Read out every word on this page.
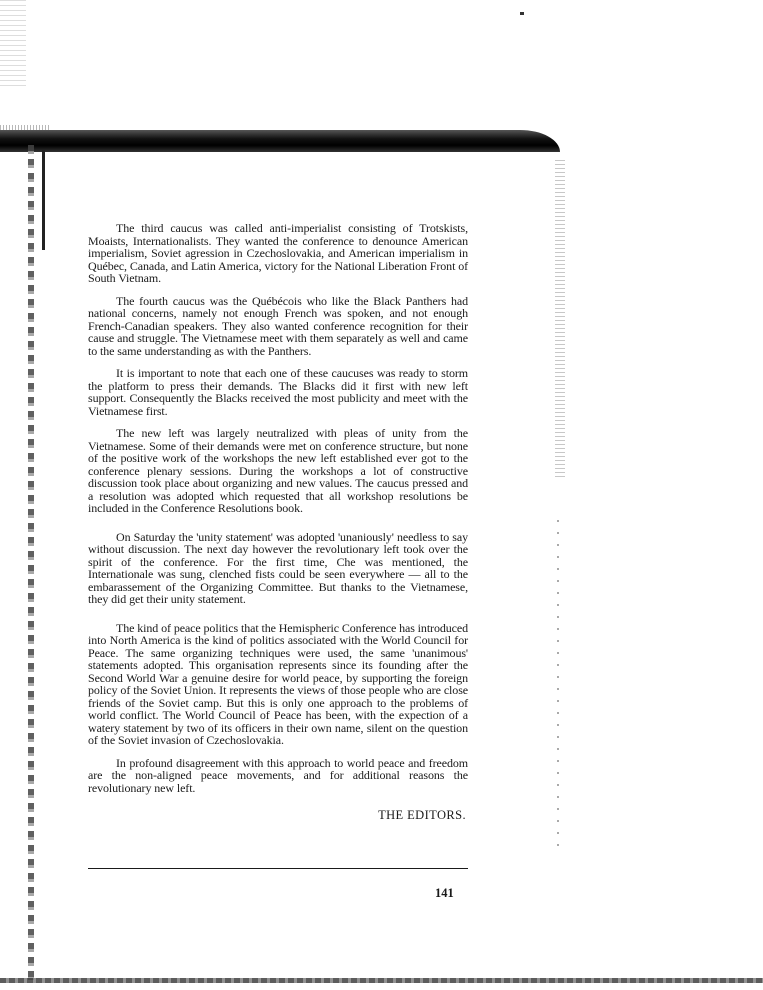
The third caucus was called anti-imperialist consisting of Trotskists, Moaists, Internationalists. They wanted the conference to denounce American imperialism, Soviet agression in Czechoslovakia, and American imperialism in Québec, Canada, and Latin America, victory for the National Liberation Front of South Vietnam.

The fourth caucus was the Québécois who like the Black Panthers had national concerns, namely not enough French was spoken, and not enough French-Canadian speakers. They also wanted conference recognition for their cause and struggle. The Vietnamese meet with them separately as well and came to the same understanding as with the Panthers.

It is important to note that each one of these caucuses was ready to storm the platform to press their demands. The Blacks did it first with new left support. Consequently the Blacks received the most publicity and meet with the Vietnamese first.

The new left was largely neutralized with pleas of unity from the Vietnamese. Some of their demands were met on conference structure, but none of the positive work of the workshops the new left established ever got to the conference plenary sessions. During the workshops a lot of constructive discussion took place about organizing and new values. The caucus pressed and a resolution was adopted which requested that all workshop resolutions be included in the Conference Resolutions book.

On Saturday the 'unity statement' was adopted 'unaniously' needless to say without discussion. The next day however the revolutionary left took over the spirit of the conference. For the first time, Che was mentioned, the Internationale was sung, clenched fists could be seen everywhere — all to the embarassement of the Organizing Committee. But thanks to the Vietnamese, they did get their unity statement.

The kind of peace politics that the Hemispheric Conference has introduced into North America is the kind of politics associated with the World Council for Peace. The same organizing techniques were used, the same 'unanimous' statements adopted. This organisation represents since its founding after the Second World War a genuine desire for world peace, by supporting the foreign policy of the Soviet Union. It represents the views of those people who are close friends of the Soviet camp. But this is only one approach to the problems of world conflict. The World Council of Peace has been, with the expection of a watery statement by two of its officers in their own name, silent on the question of the Soviet invasion of Czechoslovakia.

In profound disagreement with this approach to world peace and freedom are the non-aligned peace movements, and for additional reasons the revolutionary new left.

THE EDITORS.
141
